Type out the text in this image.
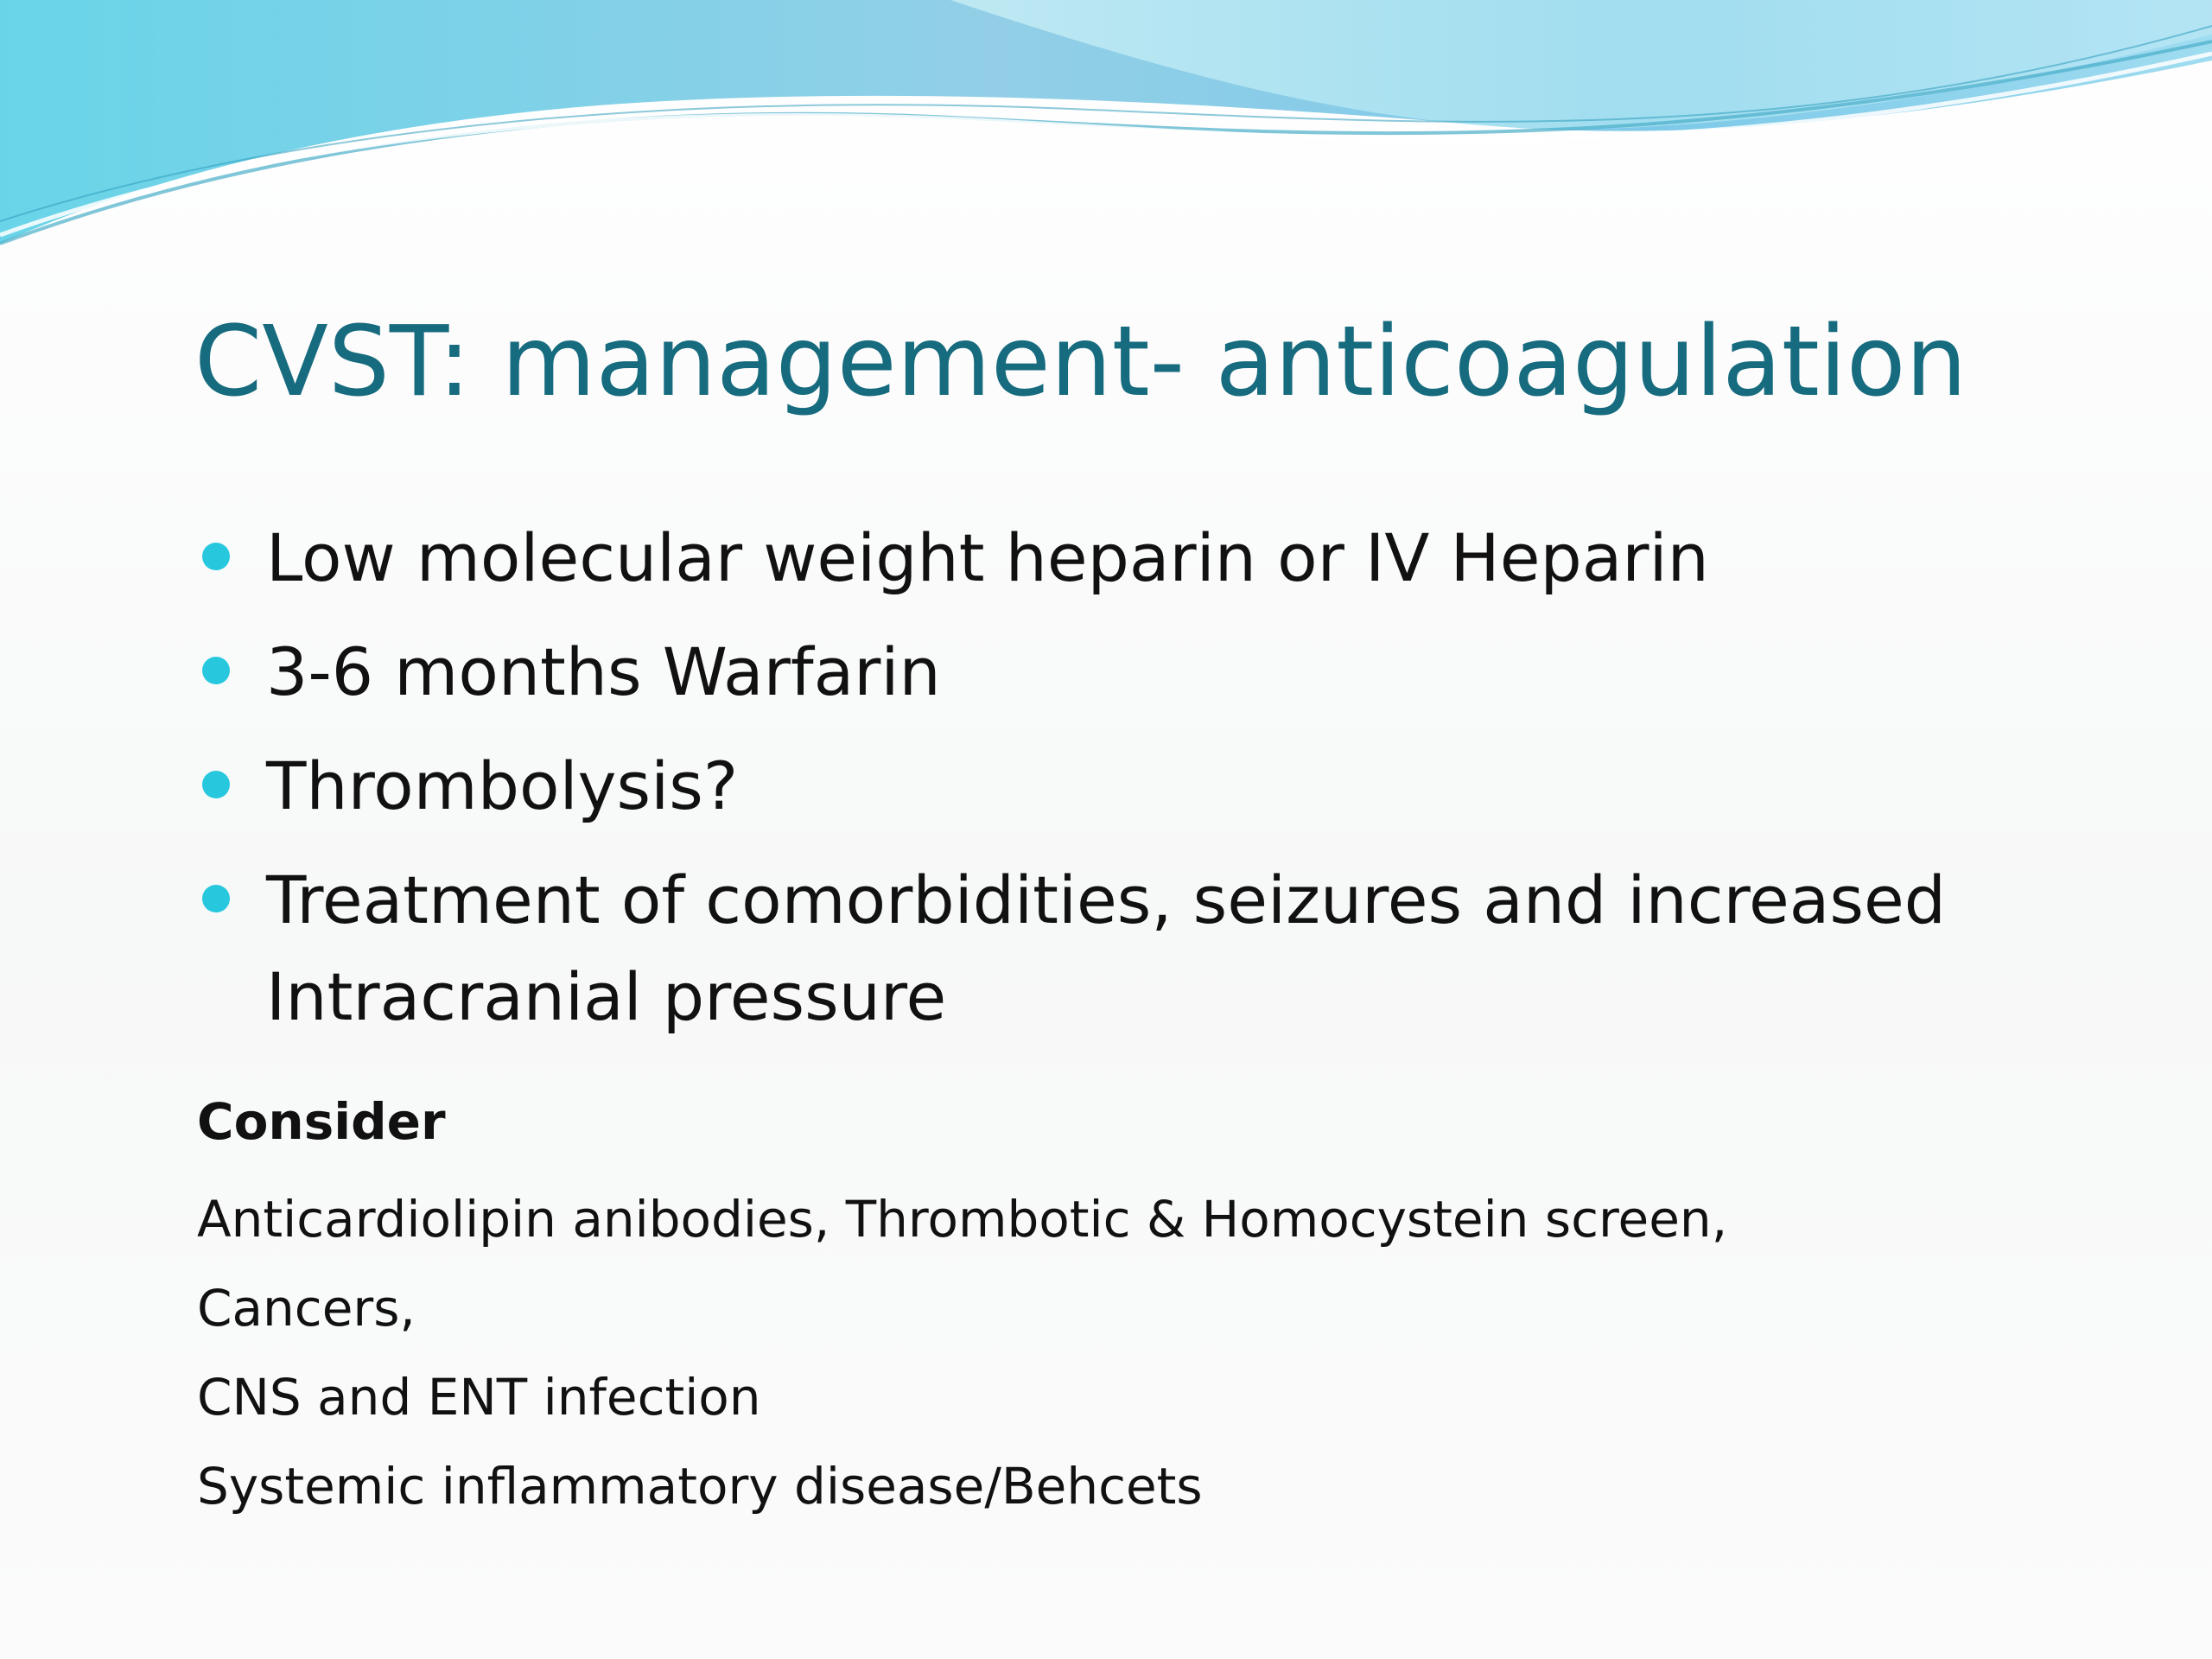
CVST: management- anticoagulation
Low molecular weight heparin or IV Heparin
3-6 months Warfarin
Thrombolysis?
Treatment of comorbidities, seizures and increased Intracranial pressure

Consider

Anticardiolipin anibodies, Thrombotic & Homocystein screen,

Cancers,

CNS and ENT infection

Systemic inflammatory disease/Behcets
